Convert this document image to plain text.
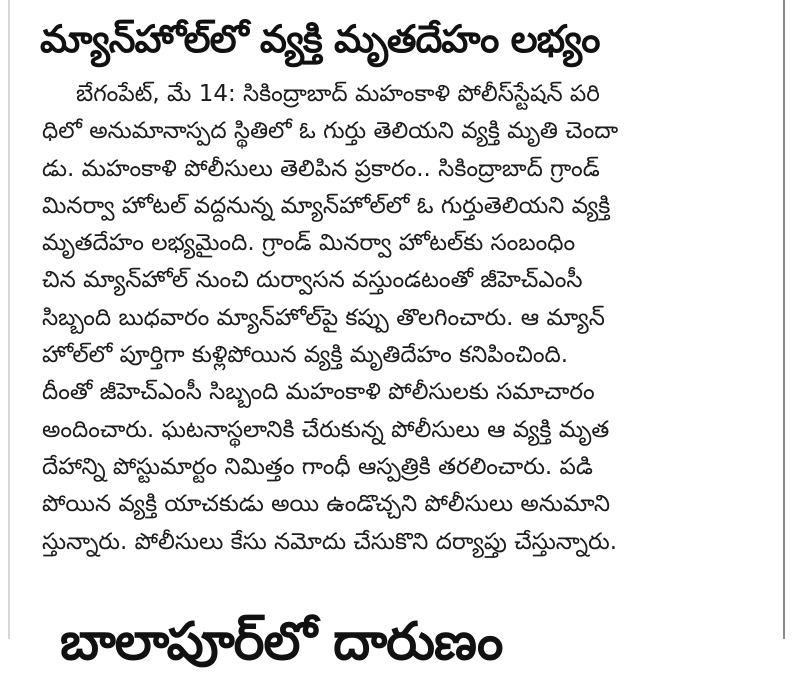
మ్యాన్‌హోల్‌లో వ్యక్తి మృతదేహం లభ్యం
బేగంపేట్, మే 14: సికింద్రాబాద్ మహంకాళి పోలీస్‌స్టేషన్ పరి
ధిలో అనుమానాస్పద స్థితిలో ఓ గుర్తు తెలియని వ్యక్తి మృతి చెందా
డు. మహంకాళి పోలీసులు తెలిపిన ప్రకారం.. సికింద్రాబాద్ గ్రాండ్
మినర్వా హోటల్ వద్దనున్న మ్యాన్‌హోల్‌లో ఓ గుర్తుతెలియని వ్యక్తి
మృతదేహం లభ్యమైంది. గ్రాండ్ మినర్వా హోటల్‌కు సంబంధిం
చిన మ్యాన్‌హోల్ నుంచి దుర్వాసన వస్తుండటంతో జీహెచ్‌ఎంసీ
సిబ్బంది బుధవారం మ్యాన్‌హోల్‌పై కప్పు తొలగించారు. ఆ మ్యాన్
హోల్‌లో పూర్తిగా కుళ్లిపోయిన వ్యక్తి మృతిదేహం కనిపించింది.
దీంతో జీహెచ్‌ఎంసీ సిబ్బంది మహంకాళి పోలీసులకు సమాచారం
అందించారు. ఘటనాస్థలానికి చేరుకున్న పోలీసులు ఆ వ్యక్తి మృత
దేహాన్ని పోస్టుమార్టం నిమిత్తం గాంధీ ఆస్పత్రికి తరలించారు. పడి
పోయిన వ్యక్తి యాచకుడు అయి ఉండొచ్చని పోలీసులు అనుమాని
స్తున్నారు. పోలీసులు కేసు నమోదు చేసుకొని దర్యాప్తు చేస్తున్నారు.
బాలాపూర్‌లో దారుణం
